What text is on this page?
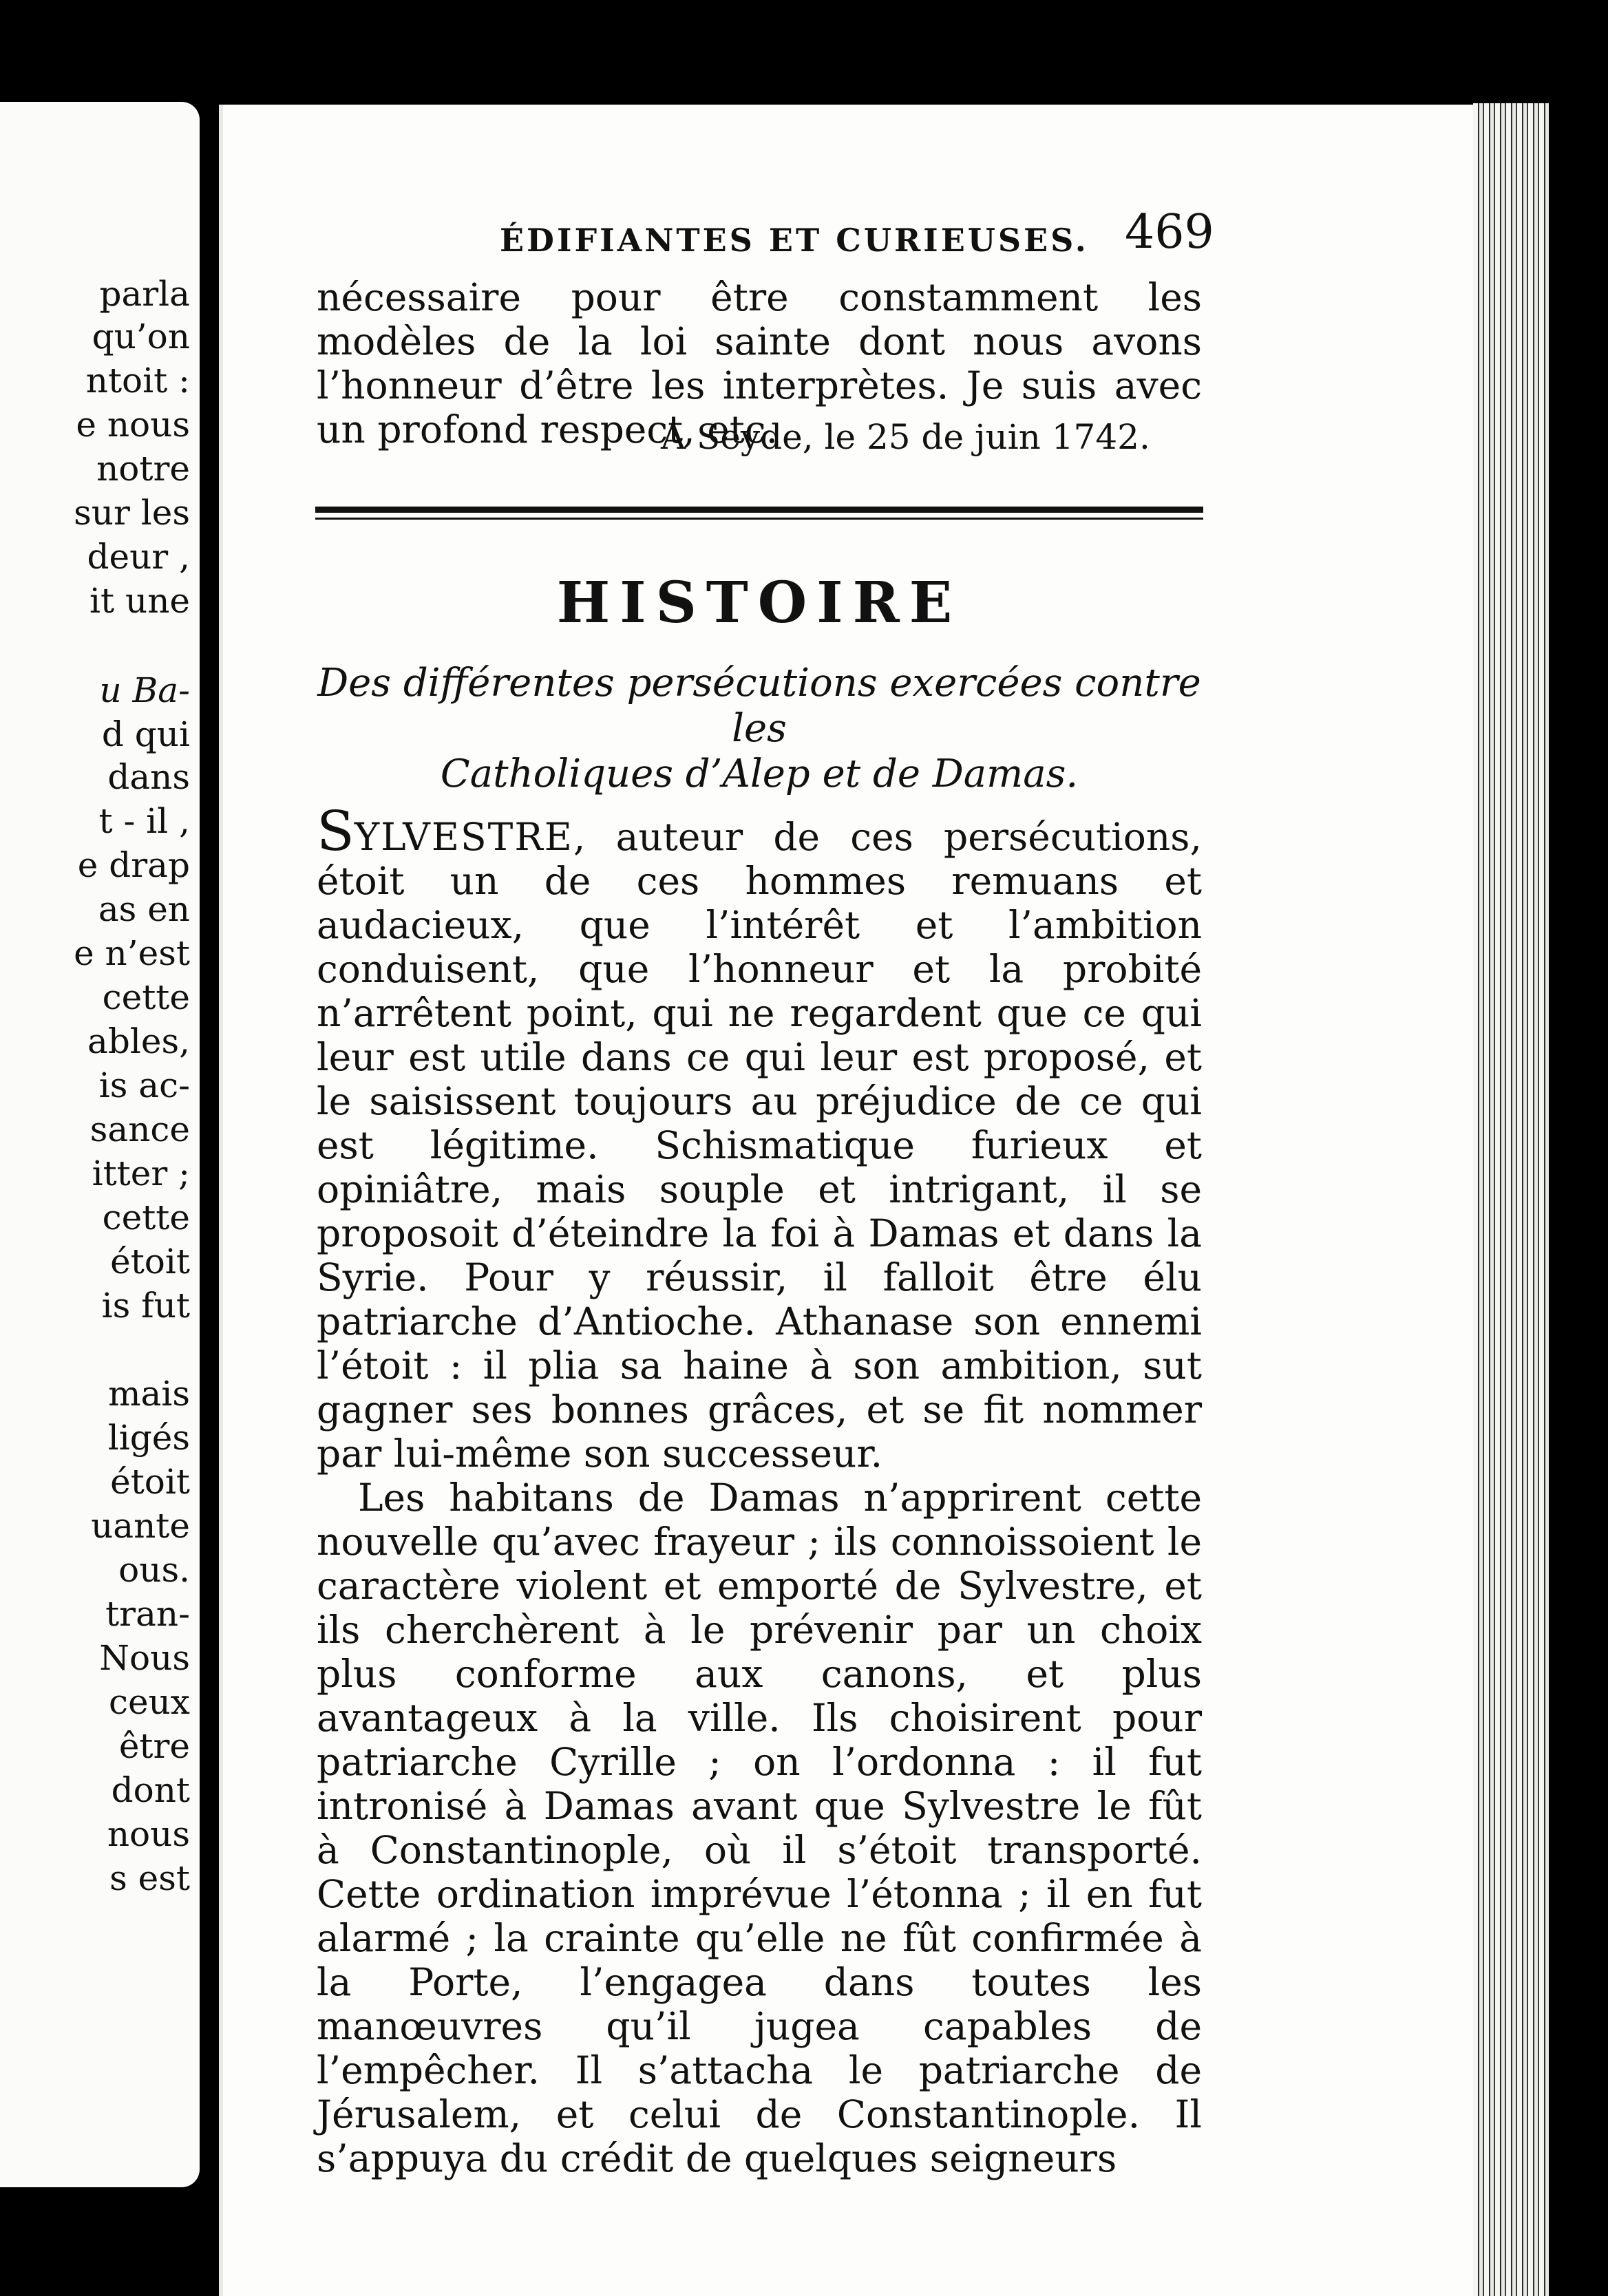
parla
qu’on
ntoit :
e nous
notre
sur les
deur ,
it une
u Ba-
d qui
dans
t - il ,
e drap
as en
e n’est
cette
ables,
is ac-
sance
itter ;
cette
étoit
is fut
mais
ligés
étoit
uante
ous.
tran-
Nous
ceux
être
dont
nous
s est
ÉDIFIANTES ET CURIEUSES. 469

nécessaire pour être constamment les modèles de la loi sainte dont nous avons l’honneur d’être les interprètes. Je suis avec un profond respect, etc.

A Seyde, le 25 de juin 1742.
HISTOIRE
Des différentes persécutions exercées contre les
Catholiques d’Alep et de Damas.

SYLVESTRE, auteur de ces persécutions, étoit un de ces hommes remuans et audacieux, que l’intérêt et l’ambition conduisent, que l’honneur et la probité n’arrêtent point, qui ne regardent que ce qui leur est utile dans ce qui leur est proposé, et le saisissent toujours au préjudice de ce qui est légitime. Schismatique furieux et opiniâtre, mais souple et intrigant, il se proposoit d’éteindre la foi à Damas et dans la Syrie. Pour y réussir, il falloit être élu patriarche d’Antioche. Athanase son ennemi l’étoit : il plia sa haine à son ambition, sut gagner ses bonnes grâces, et se fit nommer par lui-même son successeur.

Les habitans de Damas n’apprirent cette nouvelle qu’avec frayeur ; ils connoissoient le caractère violent et emporté de Sylvestre, et ils cherchèrent à le prévenir par un choix plus conforme aux canons, et plus avantageux à la ville. Ils choisirent pour patriarche Cyrille ; on l’ordonna : il fut intronisé à Damas avant que Sylvestre le fût à Constantinople, où il s’étoit transporté. Cette ordination imprévue l’étonna ; il en fut alarmé ; la crainte qu’elle ne fût confirmée à la Porte, l’engagea dans toutes les manœuvres qu’il jugea capables de l’empêcher. Il s’attacha le patriarche de Jérusalem, et celui de Constantinople. Il s’appuya du crédit de quelques seigneurs
